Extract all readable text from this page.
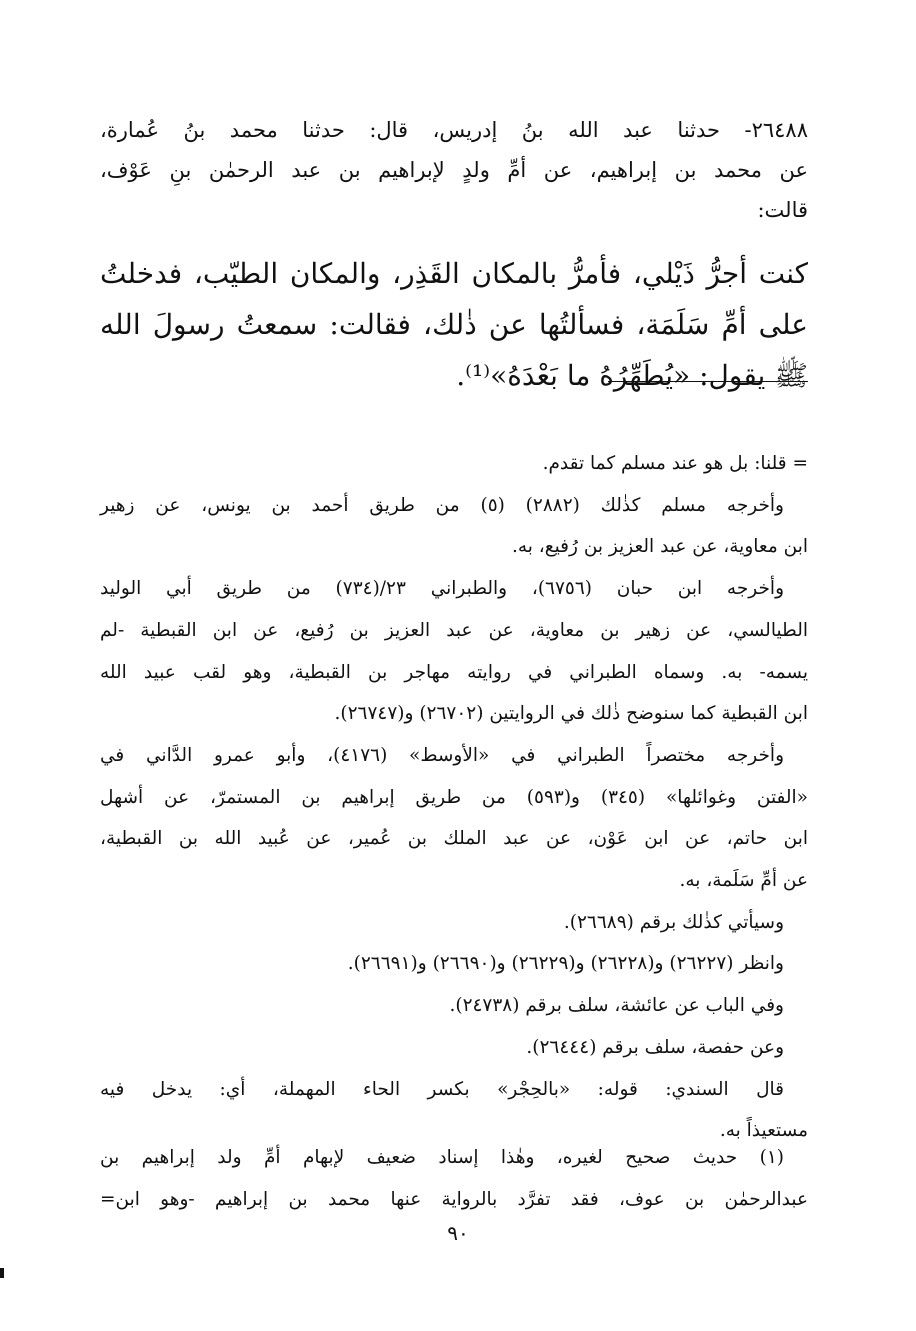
٢٦٤٨٨- حدثنا عبد الله بنُ إدريس، قال: حدثنا محمد بنُ عُمارة،
عن محمد بن إبراهيم، عن أمِّ ولدٍ لإبراهيم بن عبد الرحمٰن بنِ عَوْف،
قالت:
كنت أجرُّ ذَيْلي، فأمرُّ بالمكان القَذِر، والمكان الطيّب، فدخلتُ
على أمِّ سَلَمَة، فسألتُها عن ذٰلك، فقالت: سمعتُ رسولَ الله
ﷺ يقول: «يُطَهِّرُهُ ما بَعْدَهُ»⁽¹⁾.
= قلنا: بل هو عند مسلم كما تقدم.
وأخرجه مسلم كذٰلك (٢٨٨٢) (٥) من طريق أحمد بن يونس، عن زهير
ابن معاوية، عن عبد العزيز بن رُفيع، به.
وأخرجه ابن حبان (٦٧٥٦)، والطبراني ٢٣/(٧٣٤) من طريق أبي الوليد
الطيالسي، عن زهير بن معاوية، عن عبد العزيز بن رُفيع، عن ابن القبطية -لم
يسمه- به. وسماه الطبراني في روايته مهاجر بن القبطية، وهو لقب عبيد الله
ابن القبطية كما سنوضح ذٰلك في الروايتين (٢٦٧٠٢) و(٢٦٧٤٧).
وأخرجه مختصراً الطبراني في «الأوسط» (٤١٧٦)، وأبو عمرو الدَّاني في
«الفتن وغوائلها» (٣٤٥) و(٥٩٣) من طريق إبراهيم بن المستمرّ، عن أشهل
ابن حاتم، عن ابن عَوْن، عن عبد الملك بن عُمير، عن عُبيد الله بن القبطية،
عن أمِّ سَلَمة، به.
وسيأتي كذٰلك برقم (٢٦٦٨٩).
وانظر (٢٦٢٢٧) و(٢٦٢٢٨) و(٢٦٢٢٩) و(٢٦٦٩٠) و(٢٦٦٩١).
وفي الباب عن عائشة، سلف برقم (٢٤٧٣٨).
وعن حفصة، سلف برقم (٢٦٤٤٤).
قال السندي: قوله: «بالحِجْر» بكسر الحاء المهملة، أي: يدخل فيه
مستعيذاً به.
(١) حديث صحيح لغيره، وهٰذا إسناد ضعيف لإبهام أمِّ ولد إبراهيم بن
عبدالرحمٰن بن عوف، فقد تفرَّد بالرواية عنها محمد بن إبراهيم -وهو ابن=
٩٠
